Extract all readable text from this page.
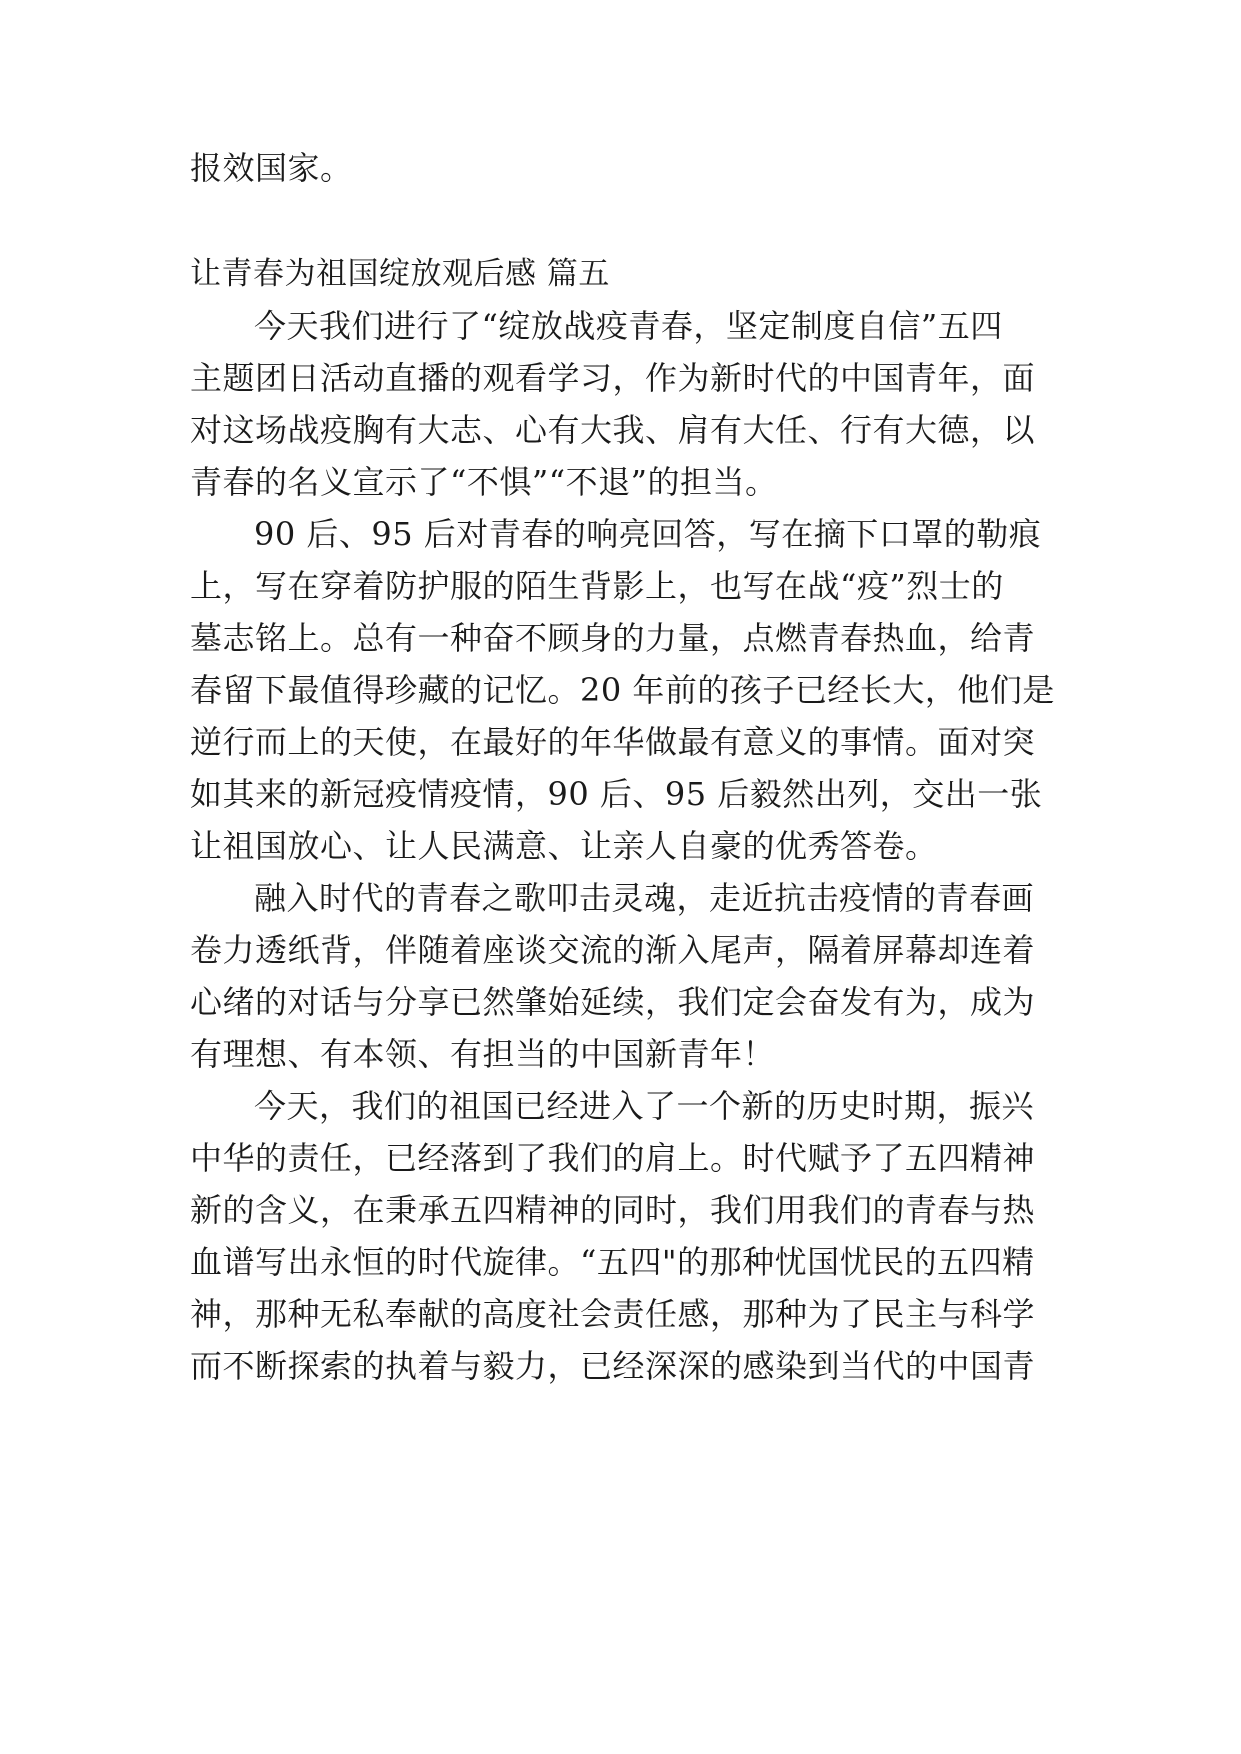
报效国家。
让青春为祖国绽放观后感 篇五
今天我们进行了“绽放战疫青春，坚定制度自信”五四
主题团日活动直播的观看学习，作为新时代的中国青年，面
对这场战疫胸有大志、心有大我、肩有大任、行有大德，以
青春的名义宣示了“不惧”“不退”的担当。
90 后、95 后对青春的响亮回答，写在摘下口罩的勒痕
上，写在穿着防护服的陌生背影上，也写在战“疫”烈士的
墓志铭上。总有一种奋不顾身的力量，点燃青春热血，给青
春留下最值得珍藏的记忆。20 年前的孩子已经长大，他们是
逆行而上的天使，在最好的年华做最有意义的事情。面对突
如其来的新冠疫情疫情，90 后、95 后毅然出列，交出一张
让祖国放心、让人民满意、让亲人自豪的优秀答卷。
融入时代的青春之歌叩击灵魂，走近抗击疫情的青春画
卷力透纸背，伴随着座谈交流的渐入尾声，隔着屏幕却连着
心绪的对话与分享已然肇始延续，我们定会奋发有为，成为
有理想、有本领、有担当的中国新青年！
今天，我们的祖国已经进入了一个新的历史时期，振兴
中华的责任，已经落到了我们的肩上。时代赋予了五四精神
新的含义，在秉承五四精神的同时，我们用我们的青春与热
血谱写出永恒的时代旋律。“五四"的那种忧国忧民的五四精
神，那种无私奉献的高度社会责任感，那种为了民主与科学
而不断探索的执着与毅力，已经深深的感染到当代的中国青
